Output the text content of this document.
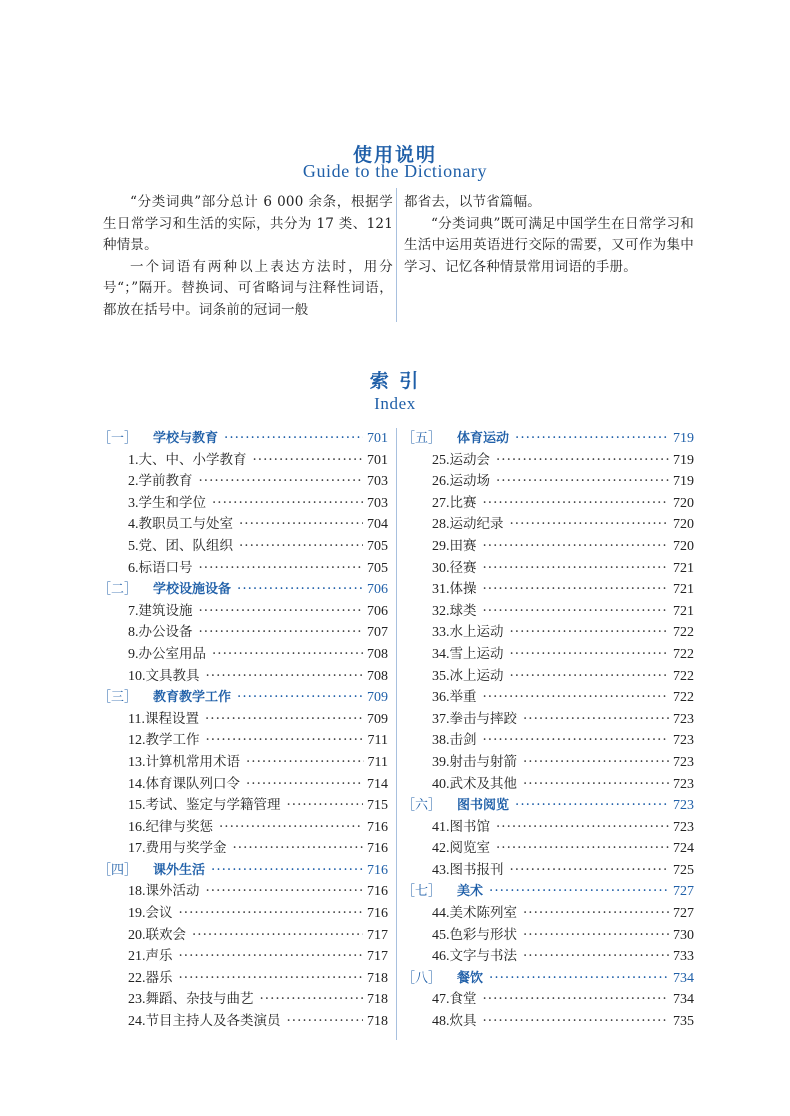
使用说明
Guide to the Dictionary

“分类词典”部分总计 6 000 余条，根据学生日常学习和生活的实际，共分为 17 类、121 种情景。

一个词语有两种以上表达方法时，用分号“；”隔开。替换词、可省略词与注释性词语，都放在括号中。词条前的冠词一般

都省去，以节省篇幅。

“分类词典”既可满足中国学生在日常学习和生活中运用英语进行交际的需要，又可作为集中学习、记忆各种情景常用词语的手册。

索 引
Index
［一］ 学校与教育 ·····	701
1.大、中、小学教育 ·····	701
2.学前教育 ·····	703
3.学生和学位 ·····	703
4.教职员工与处室 ·····	704
5.党、团、队组织 ·····	705
6.标语口号 ·····	705
［二］ 学校设施设备 ·····	706
7.建筑设施 ·····	706
8.办公设备 ·····	707
9.办公室用品 ·····	708
10.文具教具 ·····	708
［三］ 教育教学工作 ·····	709
11.课程设置 ·····	709
12.教学工作 ·····	711
13.计算机常用术语 ·····	711
14.体育课队列口令 ·····	714
15.考试、鉴定与学籍管理 ·····	715
16.纪律与奖惩 ·····	716
17.费用与奖学金 ·····	716
［四］ 课外生活 ·····	716
18.课外活动 ·····	716
19.会议 ·····	716
20.联欢会 ·····	717
21.声乐 ·····	717
22.器乐 ·····	718
23.舞蹈、杂技与曲艺 ·····	718
24.节目主持人及各类演员 ·····	718
［五］ 体育运动 ·····	719
25.运动会 ·····	719
26.运动场 ·····	719
27.比赛 ·····	720
28.运动纪录 ·····	720
29.田赛 ·····	720
30.径赛 ·····	721
31.体操 ·····	721
32.球类 ·····	721
33.水上运动 ·····	722
34.雪上运动 ·····	722
35.冰上运动 ·····	722
36.举重 ·····	722
37.拳击与摔跤 ·····	723
38.击剑 ·····	723
39.射击与射箭 ·····	723
40.武术及其他 ·····	723
［六］ 图书阅览 ·····	723
41.图书馆 ·····	723
42.阅览室 ·····	724
43.图书报刊 ·····	725
［七］ 美术 ·····	727
44.美术陈列室 ·····	727
45.色彩与形状 ·····	730
46.文字与书法 ·····	733
［八］ 餐饮 ·····	734
47.食堂 ·····	734
48.炊具 ·····	735
